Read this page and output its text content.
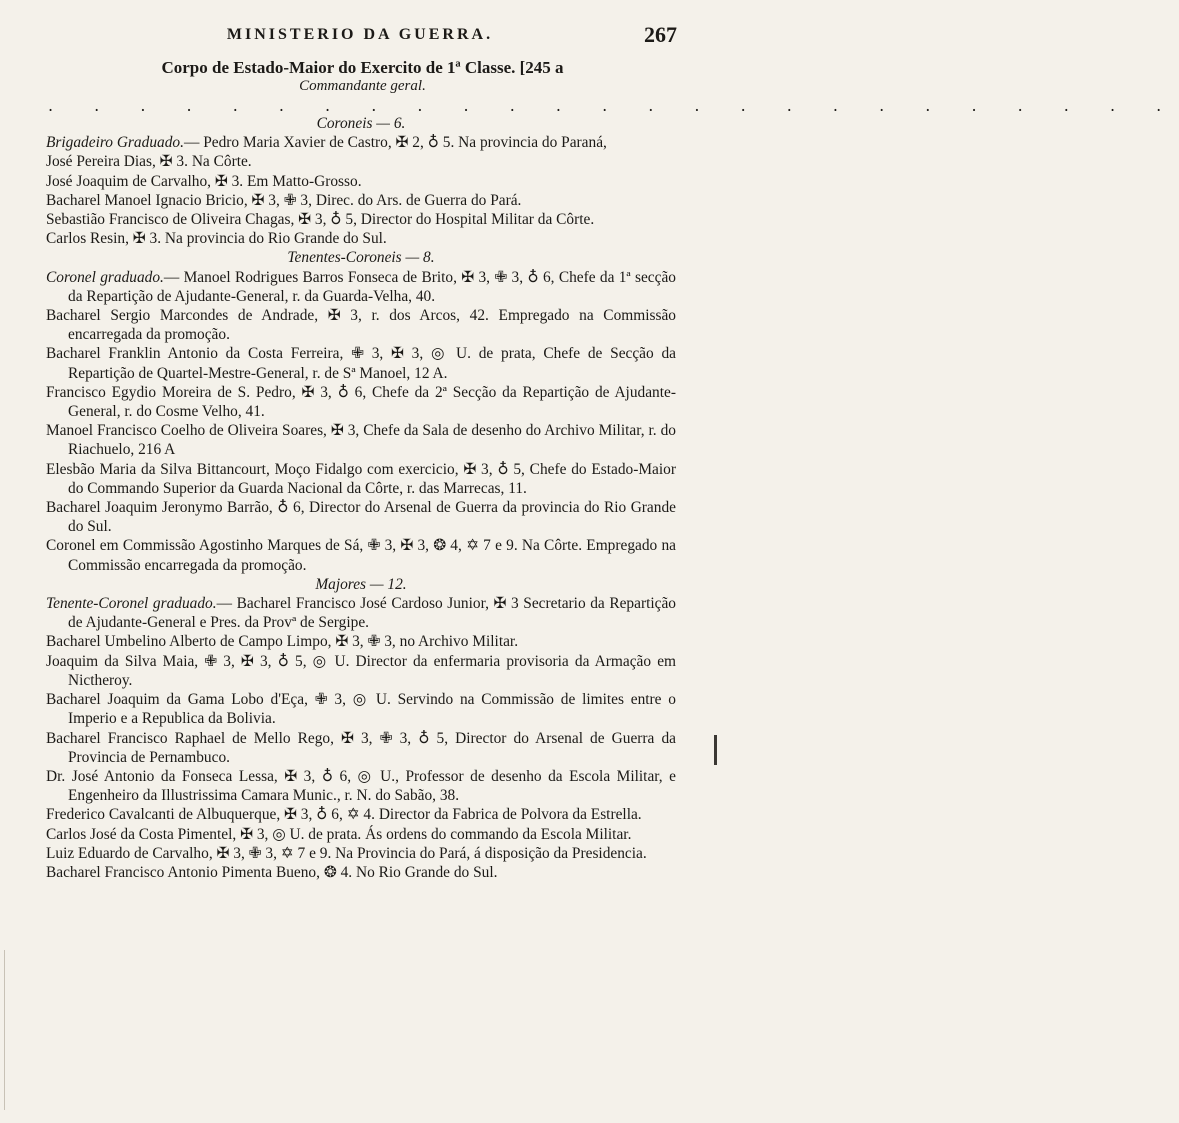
MINISTERIO DA GUERRA.	267
Corpo de Estado-Maior do Exercito de 1ª Classe. [245 a
Commandante geral.
. . . . . . . . . . . . . . . . . . . . . . . . .

Coroneis — 6.

Brigadeiro Graduado.— Pedro Maria Xavier de Castro, ✠ 2, ♁ 5. Na provincia do Paraná,

José Pereira Dias, ✠ 3. Na Côrte.

José Joaquim de Carvalho, ✠ 3. Em Matto-Grosso.

Bacharel Manoel Ignacio Bricio, ✠ 3, ✙ 3, Direc. do Ars. de Guerra do Pará.

Sebastião Francisco de Oliveira Chagas, ✠ 3, ♁ 5, Director do Hospital Militar da Côrte.

Carlos Resin, ✠ 3. Na provincia do Rio Grande do Sul.

Tenentes-Coroneis — 8.

Coronel graduado.— Manoel Rodrigues Barros Fonseca de Brito, ✠ 3, ✙ 3, ♁ 6, Chefe da 1ª secção da Repartição de Ajudante-General, r. da Guarda-Velha, 40.

Bacharel Sergio Marcondes de Andrade, ✠ 3, r. dos Arcos, 42. Empregado na Commissão encarregada da promoção.

Bacharel Franklin Antonio da Costa Ferreira, ✙ 3, ✠ 3, ◎ U. de prata, Chefe de Secção da Repartição de Quartel-Mestre-General, r. de Sª Manoel, 12 A.

Francisco Egydio Moreira de S. Pedro, ✠ 3, ♁ 6, Chefe da 2ª Secção da Repartição de Ajudante-General, r. do Cosme Velho, 41.

Manoel Francisco Coelho de Oliveira Soares, ✠ 3, Chefe da Sala de desenho do Archivo Militar, r. do Riachuelo, 216 A

Elesbão Maria da Silva Bittancourt, Moço Fidalgo com exercicio, ✠ 3, ♁ 5, Chefe do Estado-Maior do Commando Superior da Guarda Nacional da Côrte, r. das Marrecas, 11.

Bacharel Joaquim Jeronymo Barrão, ♁ 6, Director do Arsenal de Guerra da provincia do Rio Grande do Sul.

Coronel em Commissão Agostinho Marques de Sá, ✙ 3, ✠ 3, ❂ 4, ✡ 7 e 9. Na Côrte. Empregado na Commissão encarregada da promoção.

Majores — 12.

Tenente-Coronel graduado.— Bacharel Francisco José Cardoso Junior, ✠ 3 Secretario da Repartição de Ajudante-General e Pres. da Provª de Sergipe.

Bacharel Umbelino Alberto de Campo Limpo, ✠ 3, ✙ 3, no Archivo Militar.

Joaquim da Silva Maia, ✙ 3, ✠ 3, ♁ 5, ◎ U. Director da enfermaria provisoria da Armação em Nictheroy.

Bacharel Joaquim da Gama Lobo d'Eça, ✙ 3, ◎ U. Servindo na Commissão de limites entre o Imperio e a Republica da Bolivia.

Bacharel Francisco Raphael de Mello Rego, ✠ 3, ✙ 3, ♁ 5, Director do Arsenal de Guerra da Provincia de Pernambuco.

Dr. José Antonio da Fonseca Lessa, ✠ 3, ♁ 6, ◎ U., Professor de desenho da Escola Militar, e Engenheiro da Illustrissima Camara Munic., r. N. do Sabão, 38.

Frederico Cavalcanti de Albuquerque, ✠ 3, ♁ 6, ✡ 4. Director da Fabrica de Polvora da Estrella.

Carlos José da Costa Pimentel, ✠ 3, ◎ U. de prata. Ás ordens do commando da Escola Militar.

Luiz Eduardo de Carvalho, ✠ 3, ✙ 3, ✡ 7 e 9. Na Provincia do Pará, á disposição da Presidencia.

Bacharel Francisco Antonio Pimenta Bueno, ❂ 4. No Rio Grande do Sul.
